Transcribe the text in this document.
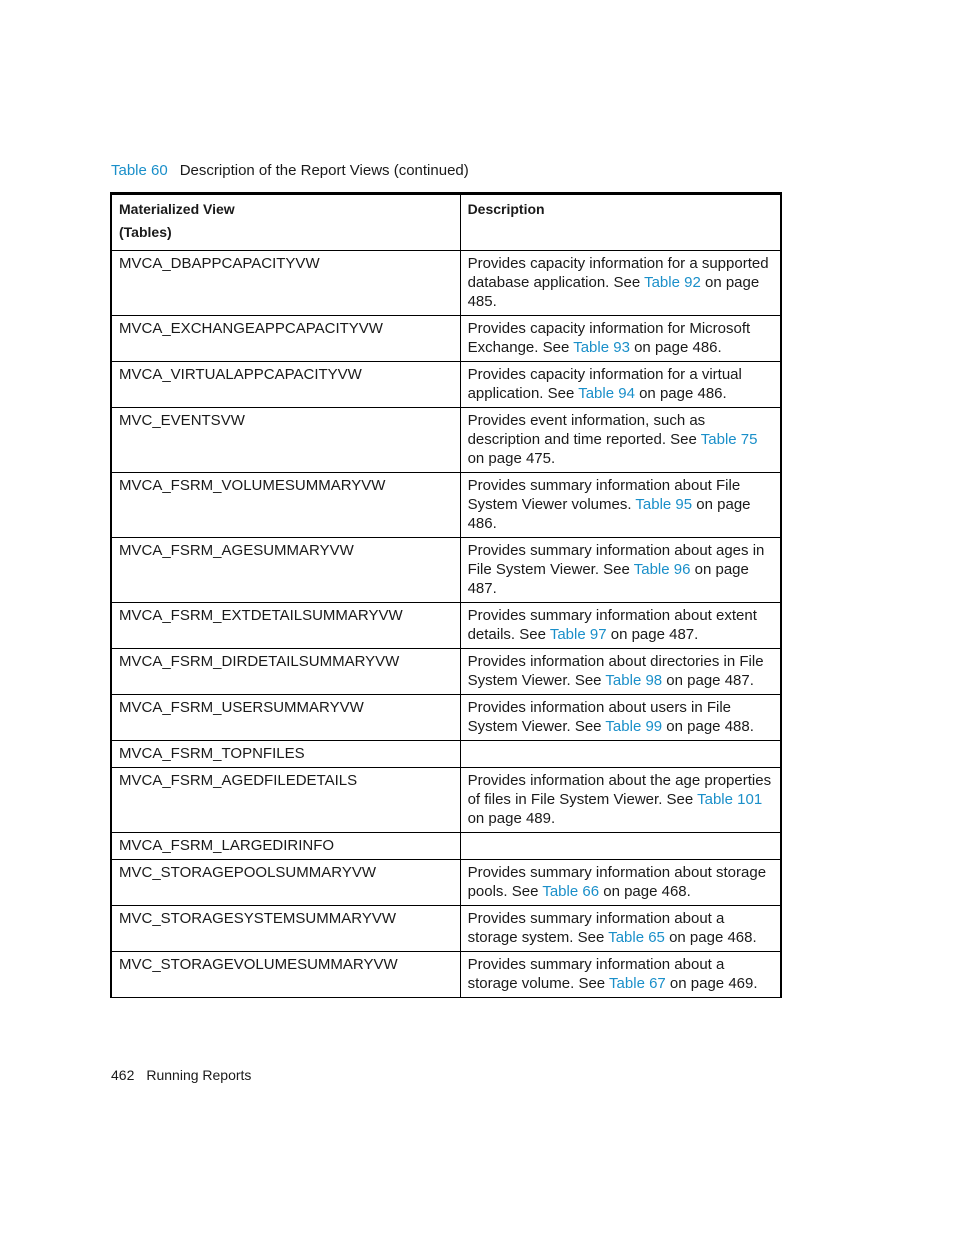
Table 60 Description of the Report Views (continued)
Materialized View
(Tables)	Description
MVCA_DBAPPCAPACITYVW	Provides capacity information for a supported database application. See Table 92 on page 485.
MVCA_EXCHANGEAPPCAPACITYVW	Provides capacity information for Microsoft Exchange. See Table 93 on page 486.
MVCA_VIRTUALAPPCAPACITYVW	Provides capacity information for a virtual application. See Table 94 on page 486.
MVC_EVENTSVW	Provides event information, such as description and time reported. See Table 75 on page 475.
MVCA_FSRM_VOLUMESUMMARYVW	Provides summary information about File System Viewer volumes. Table 95 on page 486.
MVCA_FSRM_AGESUMMARYVW	Provides summary information about ages in File System Viewer. See Table 96 on page 487.
MVCA_FSRM_EXTDETAILSUMMARYVW	Provides summary information about extent details. See Table 97 on page 487.
MVCA_FSRM_DIRDETAILSUMMARYVW	Provides information about directories in File System Viewer. See Table 98 on page 487.
MVCA_FSRM_USERSUMMARYVW	Provides information about users in File System Viewer. See Table 99 on page 488.
MVCA_FSRM_TOPNFILES	
MVCA_FSRM_AGEDFILEDETAILS	Provides information about the age properties of files in File System Viewer. See Table 101 on page 489.
MVCA_FSRM_LARGEDIRINFO	
MVC_STORAGEPOOLSUMMARYVW	Provides summary information about storage pools. See Table 66 on page 468.
MVC_STORAGESYSTEMSUMMARYVW	Provides summary information about a storage system. See Table 65 on page 468.
MVC_STORAGEVOLUMESUMMARYVW	Provides summary information about a storage volume. See Table 67 on page 469.
462 Running Reports
